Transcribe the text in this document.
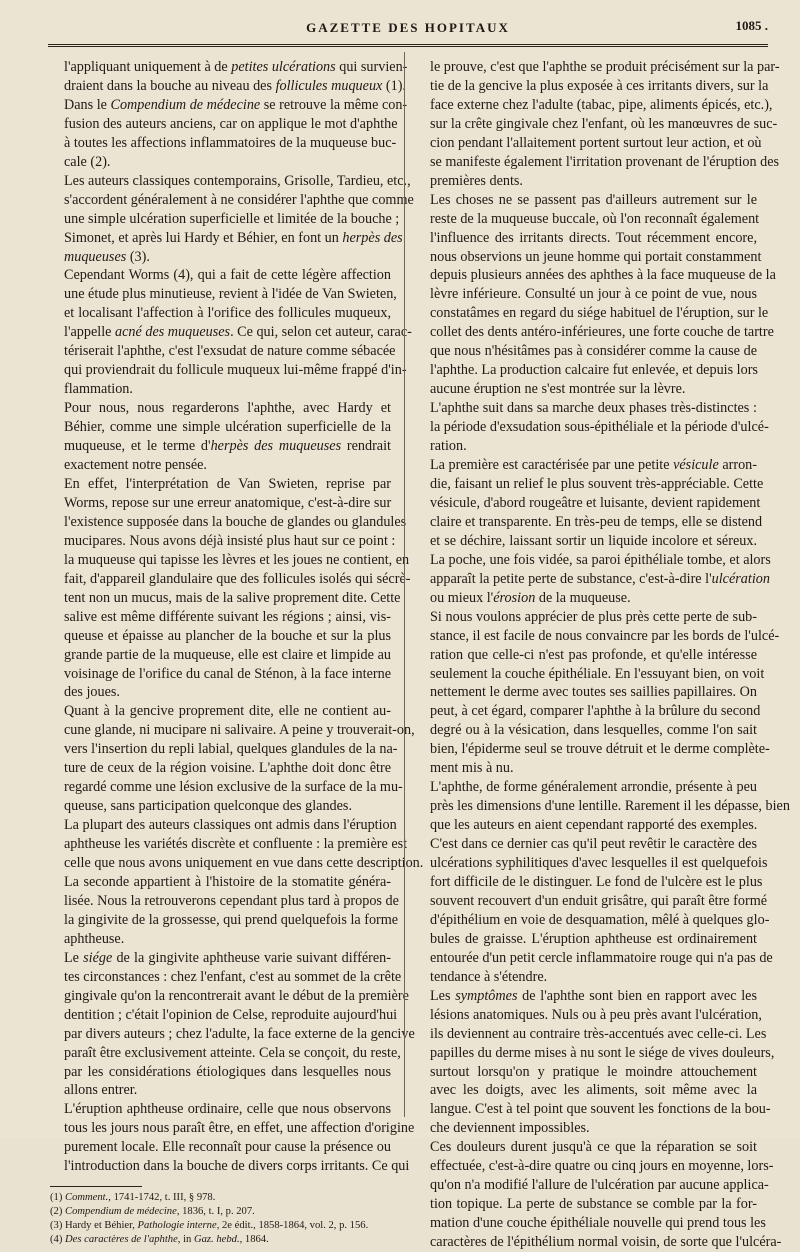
GAZETTE DES HOPITAUX	1085 .

l'appliquant uniquement à de petites ulcérations qui survien-
draient dans la bouche au niveau des follicules muqueux (1).

Dans le Compendium de médecine se retrouve la même con-
fusion des auteurs anciens, car on applique le mot d'aphthe
à toutes les affections inflammatoires de la muqueuse buc-
cale (2).

Les auteurs classiques contemporains, Grisolle, Tardieu, etc.,
s'accordent généralement à ne considérer l'aphthe que comme
une simple ulcération superficielle et limitée de la bouche ;
Simonet, et après lui Hardy et Béhier, en font un herpès des
muqueuses (3).

Cependant Worms (4), qui a fait de cette légère affection
une étude plus minutieuse, revient à l'idée de Van Swieten,
et localisant l'affection à l'orifice des follicules muqueux,
l'appelle acné des muqueuses. Ce qui, selon cet auteur, carac-
tériserait l'aphthe, c'est l'exsudat de nature comme sébacée
qui proviendrait du follicule muqueux lui-même frappé d'in-
flammation.

Pour nous, nous regarderons l'aphthe, avec Hardy et
Béhier, comme une simple ulcération superficielle de la
muqueuse, et le terme d'herpès des muqueuses rendrait
exactement notre pensée.

En effet, l'interprétation de Van Swieten, reprise par
Worms, repose sur une erreur anatomique, c'est-à-dire sur
l'existence supposée dans la bouche de glandes ou glandules
mucipares. Nous avons déjà insisté plus haut sur ce point :
la muqueuse qui tapisse les lèvres et les joues ne contient, en
fait, d'appareil glandulaire que des follicules isolés qui sécrè-
tent non un mucus, mais de la salive proprement dite. Cette
salive est même différente suivant les régions ; ainsi, vis-
queuse et épaisse au plancher de la bouche et sur la plus
grande partie de la muqueuse, elle est claire et limpide au
voisinage de l'orifice du canal de Sténon, à la face interne
des joues.

Quant à la gencive proprement dite, elle ne contient au-
cune glande, ni mucipare ni salivaire. A peine y trouverait-on,
vers l'insertion du repli labial, quelques glandules de la na-
ture de ceux de la région voisine. L'aphthe doit donc être
regardé comme une lésion exclusive de la surface de la mu-
queuse, sans participation quelconque des glandes.

La plupart des auteurs classiques ont admis dans l'éruption
aphtheuse les variétés discrète et confluente : la première est
celle que nous avons uniquement en vue dans cette description.
La seconde appartient à l'histoire de la stomatite généra-
lisée. Nous la retrouverons cependant plus tard à propos de
la gingivite de la grossesse, qui prend quelquefois la forme
aphtheuse.

Le siége de la gingivite aphtheuse varie suivant différen-
tes circonstances : chez l'enfant, c'est au sommet de la crête
gingivale qu'on la rencontrerait avant le début de la première
dentition ; c'était l'opinion de Celse, reproduite aujourd'hui
par divers auteurs ; chez l'adulte, la face externe de la gencive
paraît être exclusivement atteinte. Cela se conçoit, du reste,
par les considérations étiologiques dans lesquelles nous
allons entrer.

L'éruption aphtheuse ordinaire, celle que nous observons
tous les jours nous paraît être, en effet, une affection d'origine
purement locale. Elle reconnaît pour cause la présence ou
l'introduction dans la bouche de divers corps irritants. Ce qui

(1) Comment., 1741-1742, t. III, § 978.
(2) Compendium de médecine, 1836, t. I, p. 207.
(3) Hardy et Béhier, Pathologie interne, 2e édit., 1858-1864, vol. 2, p. 156.
(4) Des caractères de l'aphthe, in Gaz. hebd., 1864.

le prouve, c'est que l'aphthe se produit précisément sur la par-
tie de la gencive la plus exposée à ces irritants divers, sur la
face externe chez l'adulte (tabac, pipe, aliments épicés, etc.),
sur la crête gingivale chez l'enfant, où les manœuvres de suc-
cion pendant l'allaitement portent surtout leur action, et où
se manifeste également l'irritation provenant de l'éruption des
premières dents.

Les choses ne se passent pas d'ailleurs autrement sur le
reste de la muqueuse buccale, où l'on reconnaît également
l'influence des irritants directs. Tout récemment encore,
nous observions un jeune homme qui portait constamment
depuis plusieurs années des aphthes à la face muqueuse de la
lèvre inférieure. Consulté un jour à ce point de vue, nous
constatâmes en regard du siége habituel de l'éruption, sur le
collet des dents antéro-inférieures, une forte couche de tartre
que nous n'hésitâmes pas à considérer comme la cause de
l'aphthe. La production calcaire fut enlevée, et depuis lors
aucune éruption ne s'est montrée sur la lèvre.

L'aphthe suit dans sa marche deux phases très-distinctes :
la période d'exsudation sous-épithéliale et la période d'ulcé-
ration.

La première est caractérisée par une petite vésicule arron-
die, faisant un relief le plus souvent très-appréciable. Cette
vésicule, d'abord rougeâtre et luisante, devient rapidement
claire et transparente. En très-peu de temps, elle se distend
et se déchire, laissant sortir un liquide incolore et séreux.
La poche, une fois vidée, sa paroi épithéliale tombe, et alors
apparaît la petite perte de substance, c'est-à-dire l'ulcération
ou mieux l'érosion de la muqueuse.

Si nous voulons apprécier de plus près cette perte de sub-
stance, il est facile de nous convaincre par les bords de l'ulcé-
ration que celle-ci n'est pas profonde, et qu'elle intéresse
seulement la couche épithéliale. En l'essuyant bien, on voit
nettement le derme avec toutes ses saillies papillaires. On
peut, à cet égard, comparer l'aphthe à la brûlure du second
degré ou à la vésication, dans lesquelles, comme l'on sait
bien, l'épiderme seul se trouve détruit et le derme complète-
ment mis à nu.

L'aphthe, de forme généralement arrondie, présente à peu
près les dimensions d'une lentille. Rarement il les dépasse, bien
que les auteurs en aient cependant rapporté des exemples.
C'est dans ce dernier cas qu'il peut revêtir le caractère des
ulcérations syphilitiques d'avec lesquelles il est quelquefois
fort difficile de le distinguer. Le fond de l'ulcère est le plus
souvent recouvert d'un enduit grisâtre, qui paraît être formé
d'épithélium en voie de desquamation, mêlé à quelques glo-
bules de graisse. L'éruption aphtheuse est ordinairement
entourée d'un petit cercle inflammatoire rouge qui n'a pas de
tendance à s'étendre.

Les symptômes de l'aphthe sont bien en rapport avec les
lésions anatomiques. Nuls ou à peu près avant l'ulcération,
ils deviennent au contraire très-accentués avec celle-ci. Les
papilles du derme mises à nu sont le siége de vives douleurs,
surtout lorsqu'on y pratique le moindre attouchement
avec les doigts, avec les aliments, soit même avec la
langue. C'est à tel point que souvent les fonctions de la bou-
che deviennent impossibles.

Ces douleurs durent jusqu'à ce que la réparation se soit
effectuée, c'est-à-dire quatre ou cinq jours en moyenne, lors-
qu'on n'a modifié l'allure de l'ulcération par aucune applica-
tion topique. La perte de substance se comble par la for-
mation d'une couche épithéliale nouvelle qui prend tous les
caractères de l'épithélium normal voisin, de sorte que l'ulcéra-
